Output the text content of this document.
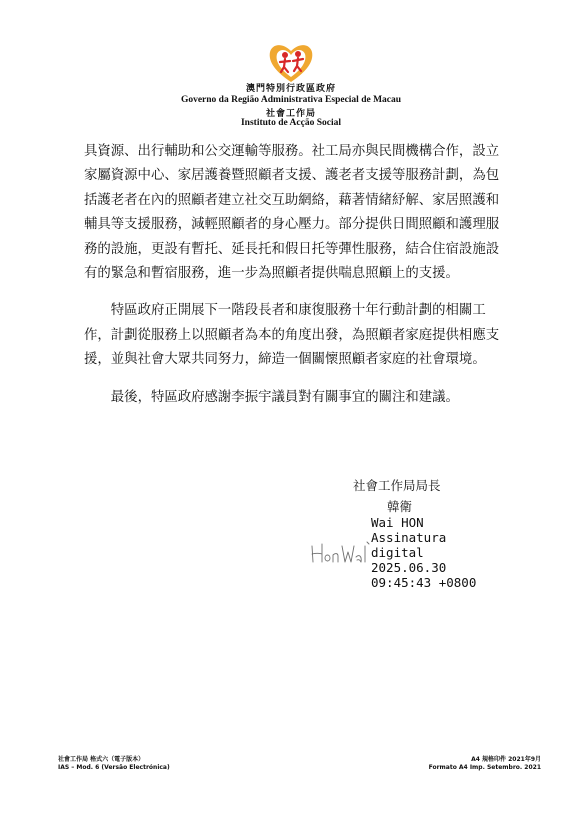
澳門特別行政區政府
Governo da Região Administrativa Especial de Macau
社會工作局
Instituto de Acção Social

具資源、出行輔助和公交運輸等服務。社工局亦與民間機構合作，設立家屬資源中心、家居護養暨照顧者支援、護老者支援等服務計劃，為包括護老者在內的照顧者建立社交互助網絡，藉著情緒紓解、家居照護和輔具等支援服務，減輕照顧者的身心壓力。部分提供日間照顧和護理服務的設施，更設有暫托、延長托和假日托等彈性服務，結合住宿設施設有的緊急和暫宿服務，進一步為照顧者提供喘息照顧上的支援。

特區政府正開展下一階段長者和康復服務十年行動計劃的相關工作，計劃從服務上以照顧者為本的角度出發，為照顧者家庭提供相應支援，並與社會大眾共同努力，締造一個關懷照顧者家庭的社會環境。

最後，特區政府感謝李振宇議員對有關事宜的關注和建議。

社會工作局局長
韓衛
Wai HON
Assinatura
digital
2025.06.30
09:45:43 +0800
社會工作局 格式六（電子版本）
IAS – Mod. 6 (Versão Electrónica)
A4 規格印件 2021年9月
Formato A4 Imp. Setembro. 2021
